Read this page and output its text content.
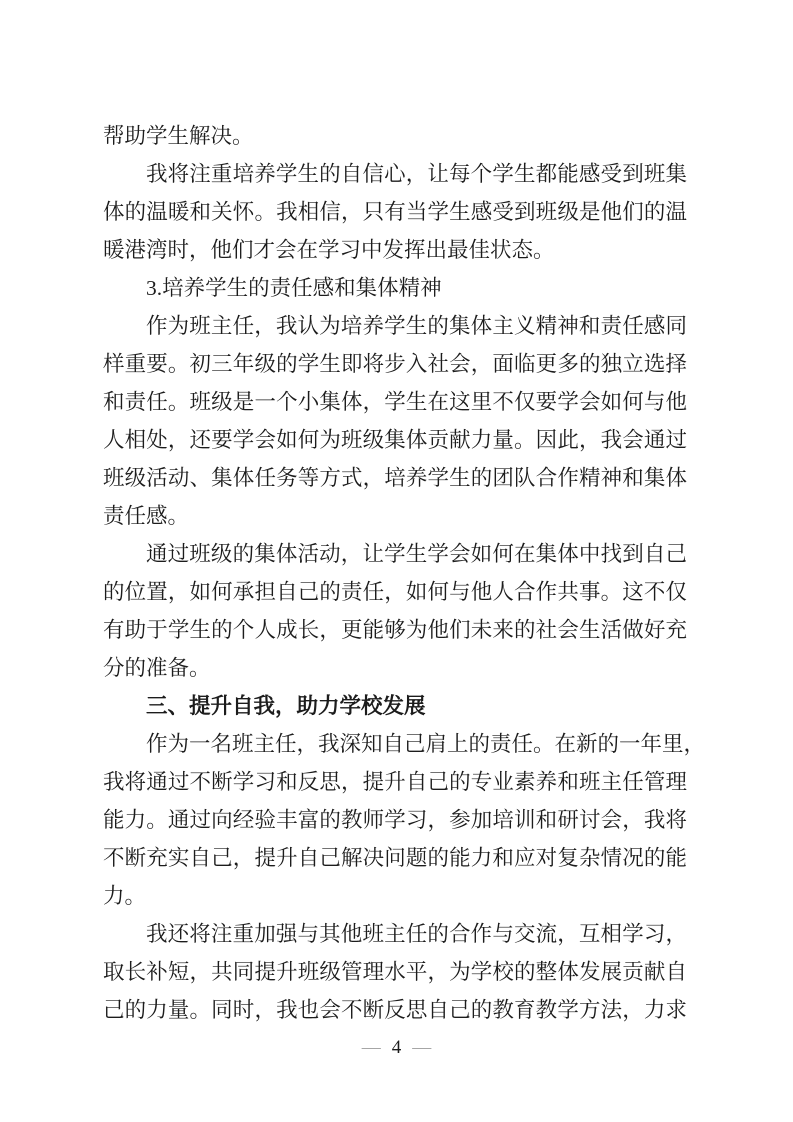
帮助学生解决。
我将注重培养学生的自信心，让每个学生都能感受到班集
体的温暖和关怀。我相信，只有当学生感受到班级是他们的温
暖港湾时，他们才会在学习中发挥出最佳状态。
3.培养学生的责任感和集体精神
作为班主任，我认为培养学生的集体主义精神和责任感同
样重要。初三年级的学生即将步入社会，面临更多的独立选择
和责任。班级是一个小集体，学生在这里不仅要学会如何与他
人相处，还要学会如何为班级集体贡献力量。因此，我会通过
班级活动、集体任务等方式，培养学生的团队合作精神和集体
责任感。
通过班级的集体活动，让学生学会如何在集体中找到自己
的位置，如何承担自己的责任，如何与他人合作共事。这不仅
有助于学生的个人成长，更能够为他们未来的社会生活做好充
分的准备。
三、提升自我，助力学校发展
作为一名班主任，我深知自己肩上的责任。在新的一年里，
我将通过不断学习和反思，提升自己的专业素养和班主任管理
能力。通过向经验丰富的教师学习，参加培训和研讨会，我将
不断充实自己，提升自己解决问题的能力和应对复杂情况的能
力。
我还将注重加强与其他班主任的合作与交流，互相学习，
取长补短，共同提升班级管理水平，为学校的整体发展贡献自
己的力量。同时，我也会不断反思自己的教育教学方法，力求
— 4 —
